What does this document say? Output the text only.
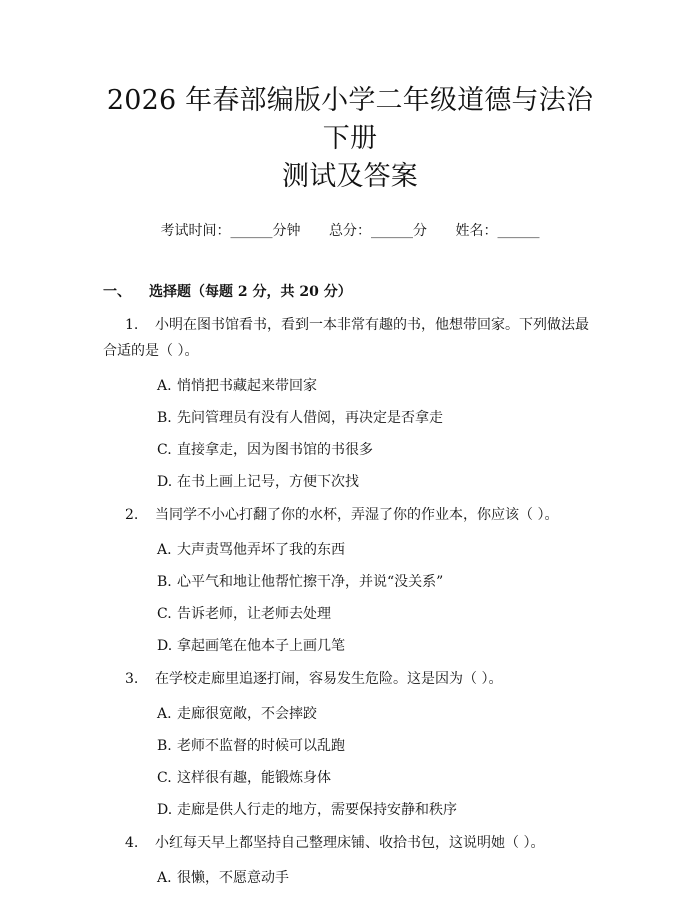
2026 年春部编版小学二年级道德与法治下册
测试及答案
考试时间：______分钟 总分：______分 姓名：______
一、 选择题（每题 2 分，共 20 分）

1. 小明在图书馆看书，看到一本非常有趣的书，他想带回家。下列做法最合适的是（ ）。

A. 悄悄把书藏起来带回家
B. 先问管理员有没有人借阅，再决定是否拿走
C. 直接拿走，因为图书馆的书很多
D. 在书上画上记号，方便下次找

2. 当同学不小心打翻了你的水杯，弄湿了你的作业本，你应该（ ）。

A. 大声责骂他弄坏了我的东西
B. 心平气和地让他帮忙擦干净，并说“没关系”
C. 告诉老师，让老师去处理
D. 拿起画笔在他本子上画几笔

3. 在学校走廊里追逐打闹，容易发生危险。这是因为（ ）。

A. 走廊很宽敞，不会摔跤
B. 老师不监督的时候可以乱跑
C. 这样很有趣，能锻炼身体
D. 走廊是供人行走的地方，需要保持安静和秩序

4. 小红每天早上都坚持自己整理床铺、收拾书包，这说明她（ ）。

A. 很懒，不愿意动手
